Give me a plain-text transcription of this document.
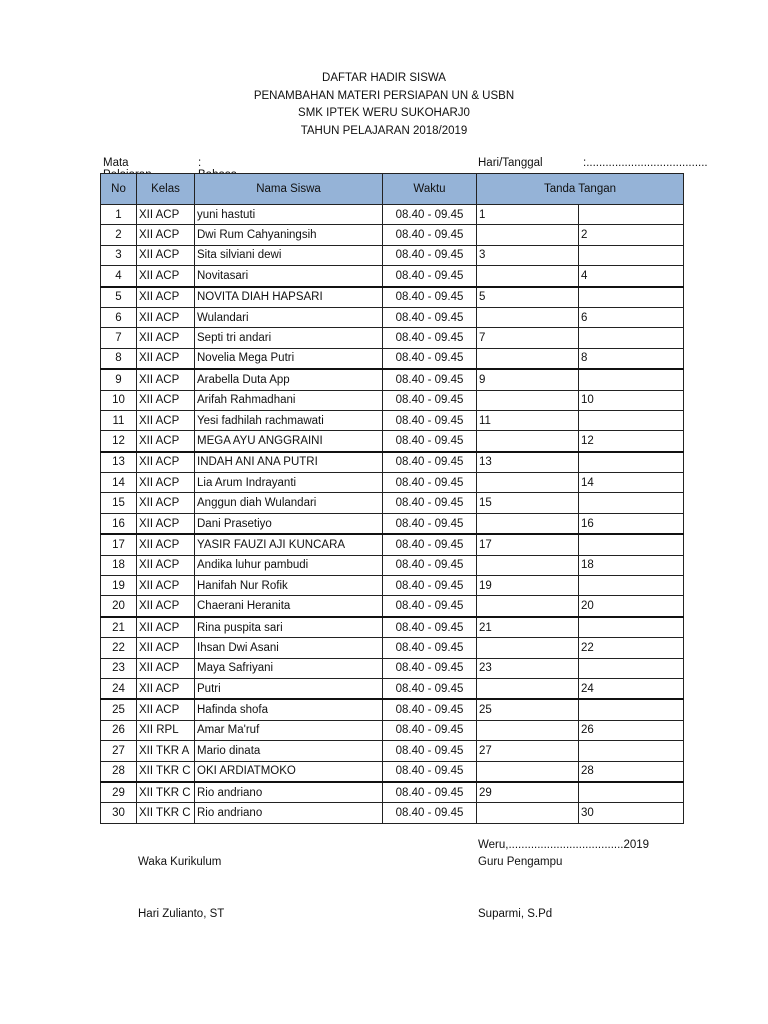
DAFTAR HADIR SISWA
PENAMBAHAN MATERI PERSIAPAN UN & USBN
SMK IPTEK WERU SUKOHARJ0
TAHUN PELAJARAN 2018/2019
Mata	:	Hari/Tanggal	:......................................
No	Kelas	Nama Siswa	Waktu	Tanda Tangan	
1	XII ACP	yuni hastuti	08.40 - 09.45	1	
2	XII ACP	Dwi Rum Cahyaningsih	08.40 - 09.45		2
3	XII ACP	Sita silviani dewi	08.40 - 09.45	3	
4	XII ACP	Novitasari	08.40 - 09.45		4
5	XII ACP	NOVITA DIAH HAPSARI	08.40 - 09.45	5	
6	XII ACP	Wulandari	08.40 - 09.45		6
7	XII ACP	Septi tri andari	08.40 - 09.45	7	
8	XII ACP	Novelia Mega Putri	08.40 - 09.45		8
9	XII ACP	Arabella Duta App	08.40 - 09.45	9	
10	XII ACP	Arifah Rahmadhani	08.40 - 09.45		10
11	XII ACP	Yesi fadhilah rachmawati	08.40 - 09.45	11	
12	XII ACP	MEGA AYU ANGGRAINI	08.40 - 09.45		12
13	XII ACP	INDAH ANI ANA PUTRI	08.40 - 09.45	13	
14	XII ACP	Lia Arum Indrayanti	08.40 - 09.45		14
15	XII ACP	Anggun diah Wulandari	08.40 - 09.45	15	
16	XII ACP	Dani Prasetiyo	08.40 - 09.45		16
17	XII ACP	YASIR FAUZI AJI KUNCARA	08.40 - 09.45	17	
18	XII ACP	Andika luhur pambudi	08.40 - 09.45		18
19	XII ACP	Hanifah Nur Rofik	08.40 - 09.45	19	
20	XII ACP	Chaerani Heranita	08.40 - 09.45		20
21	XII ACP	Rina puspita sari	08.40 - 09.45	21	
22	XII ACP	Ihsan Dwi Asani	08.40 - 09.45		22
23	XII ACP	Maya Safriyani	08.40 - 09.45	23	
24	XII ACP	Putri	08.40 - 09.45		24
25	XII ACP	Hafinda shofa	08.40 - 09.45	25	
26	XII RPL	Amar Ma'ruf	08.40 - 09.45		26
27	XII TKR A	Mario dinata	08.40 - 09.45	27	
28	XII TKR C	OKI ARDIATMOKO	08.40 - 09.45		28
29	XII TKR C	Rio andriano	08.40 - 09.45	29	
30	XII TKR C	Rio andriano	08.40 - 09.45		30
Weru,....................................2019
Waka Kurikulum	Guru Pengampu
Hari Zulianto, ST	Suparmi, S.Pd
